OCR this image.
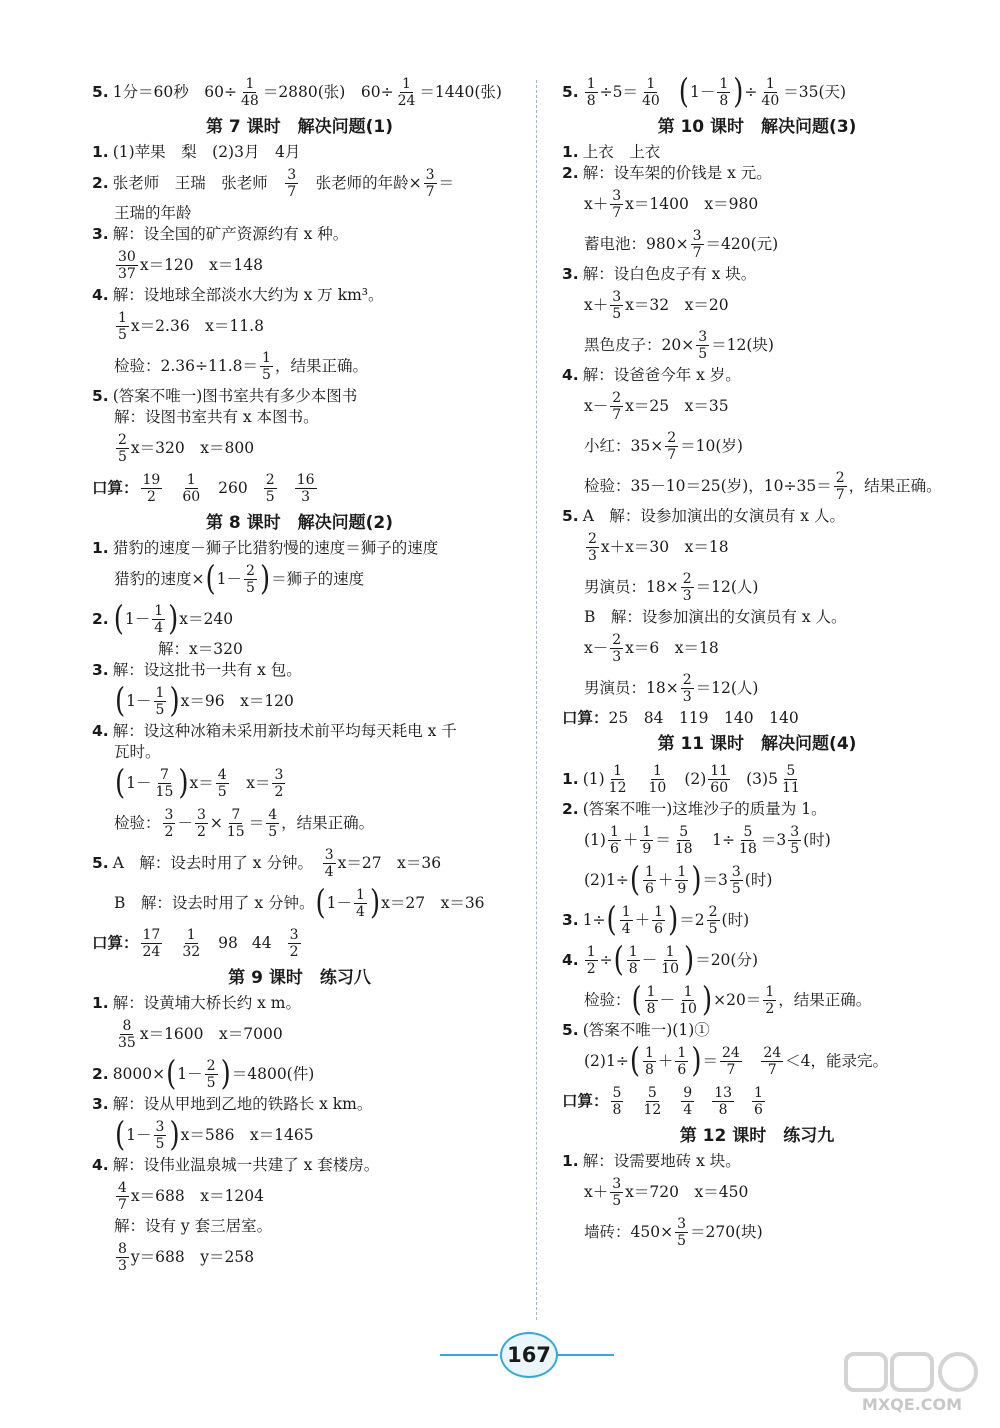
5. 1分＝60秒　$60\div \frac{1}{48} =2880$(张)　$60\div \frac{1}{24} =1440$(张)
第 7 课时　解决问题(1)
1. (1)苹果　梨　(2)3月　4月
2. 张老师　王瑞　张老师　 $\frac{3}{7}$ 　张老师的年龄× $\frac{3}{7}$ ＝
王瑞的年龄
3. 解：设全国的矿产资源约有 x 种。
$\frac{30}{37} x=120$　x＝148
4. 解：设地球全部淡水大约为 x 万 km³。
$\frac{1}{5} x=2.36$　x＝11.8
检验：$2.36\div 11.8= \frac{1}{5}$ ，结果正确。
5. (答案不唯一)图书室共有多少本图书
解：设图书室共有 x 本图书。
$\frac{2}{5} x=320$　x＝800
口算： $\frac{19}{2} \frac{1}{60} 260 \frac{2}{5} \frac{16}{3}$
第 8 课时　解决问题(2)
1. 猎豹的速度－狮子比猎豹慢的速度＝狮子的速度
猎豹的速度× ( $1- \frac{2}{5}$ ) ＝狮子的速度
2. ( $1- \frac{1}{4}$ ) x＝240
解：x＝320
3. 解：设这批书一共有 x 包。
( $1- \frac{1}{5}$ ) x＝96　x＝120
4. 解：设这种冰箱未采用新技术前平均每天耗电 x 千
瓦时。
( $1- \frac{7}{15}$ ) $x= \frac{4}{5}$ 　$x= \frac{3}{2}$
检验： $\frac{3}{2} - \frac{3}{2} \times \frac{7}{15} = \frac{4}{5}$ ，结果正确。
5. A　解：设去时用了 x 分钟。　 $\frac{3}{4} x=27$　x＝36
B　解：设去时用了 x 分钟。 ( $1- \frac{1}{4}$ ) x＝27　x＝36
口算： $\frac{17}{24} \frac{1}{32} 98$ $44 \frac{3}{2}$
第 9 课时　练习八
1. 解：设黄埔大桥长约 x m。
$\frac{8}{35} x=1600$　x＝7000
2. 8000× ( $1- \frac{2}{5}$ ) ＝4800(件)
3. 解：设从甲地到乙地的铁路长 x km。
( $1- \frac{3}{5}$ ) x＝586　x＝1465
4. 解：设伟业温泉城一共建了 x 套楼房。
$\frac{4}{7} x=688$　x＝1204
解：设有 y 套三居室。
$\frac{8}{3} y=688$　y＝258
5. $\frac{1}{8} \div 5= \frac{1}{40}$ ( $1- \frac{1}{8}$ ) ÷ $\frac{1}{40} =35$(天)
第 10 课时　解决问题(3)
1. 上衣　上衣
2. 解：设车架的价钱是 x 元。
$x+ \frac{3}{7} x=1400$　x＝980
蓄电池：$980\times \frac{3}{7} =420$(元)
3. 解：设白色皮子有 x 块。
$x+ \frac{3}{5} x=32$　x＝20
黑色皮子：$20\times \frac{3}{5} =12$(块)
4. 解：设爸爸今年 x 岁。
$x- \frac{2}{7} x=25$　x＝35
小红：$35\times \frac{2}{7} =10$(岁)
检验：35－10＝25(岁)，$10\div 35= \frac{2}{7}$ ，结果正确。
5. A　解：设参加演出的女演员有 x 人。
$\frac{2}{3} x+x=30$　x＝18
男演员：$18\times \frac{2}{3} =12$(人)
B　解：设参加演出的女演员有 x 人。
$x- \frac{2}{3} x=6$　x＝18
男演员：$18\times \frac{2}{3} =12$(人)
口算： 25　84　119　140　140
第 11 课时　解决问题(4)
1. $(1) \frac{1}{12} \frac{1}{10} (2) \frac{11}{60} (3)5 \frac{5}{11}$
2. (答案不唯一)这堆沙子的质量为 1。
$(1) \frac{1}{6} + \frac{1}{9} = \frac{5}{18}$ 　$1\div \frac{5}{18} =3 \frac{3}{5}$ (时)
(2)1÷ ( $\frac{1}{6} + \frac{1}{9}$ ) $=3 \frac{3}{5}$ (时)
3. 1÷ ( $\frac{1}{4} + \frac{1}{6}$ ) $=2 \frac{2}{5}$ (时)
4. $\frac{1}{2}$ ÷ ( $\frac{1}{8} - \frac{1}{10}$ ) ＝20(分)
检验： ( $\frac{1}{8} - \frac{1}{10}$ ) $\times 20= \frac{1}{2}$ ，结果正确。
5. (答案不唯一)(1)①
(2)1÷ ( $\frac{1}{8} + \frac{1}{6}$ ) ＝ $\frac{24}{7}$
　 $\frac{24}{7} <4$，能录完。
口算： $\frac{5}{8} \frac{5}{12} \frac{9}{4} \frac{13}{8} \frac{1}{6}$
第 12 课时　练习九
1. 解：设需要地砖 x 块。
$x+ \frac{3}{5} x=720$　x＝450
墙砖：$450\times \frac{3}{5} =270$(块)
167
MXQE.COM
